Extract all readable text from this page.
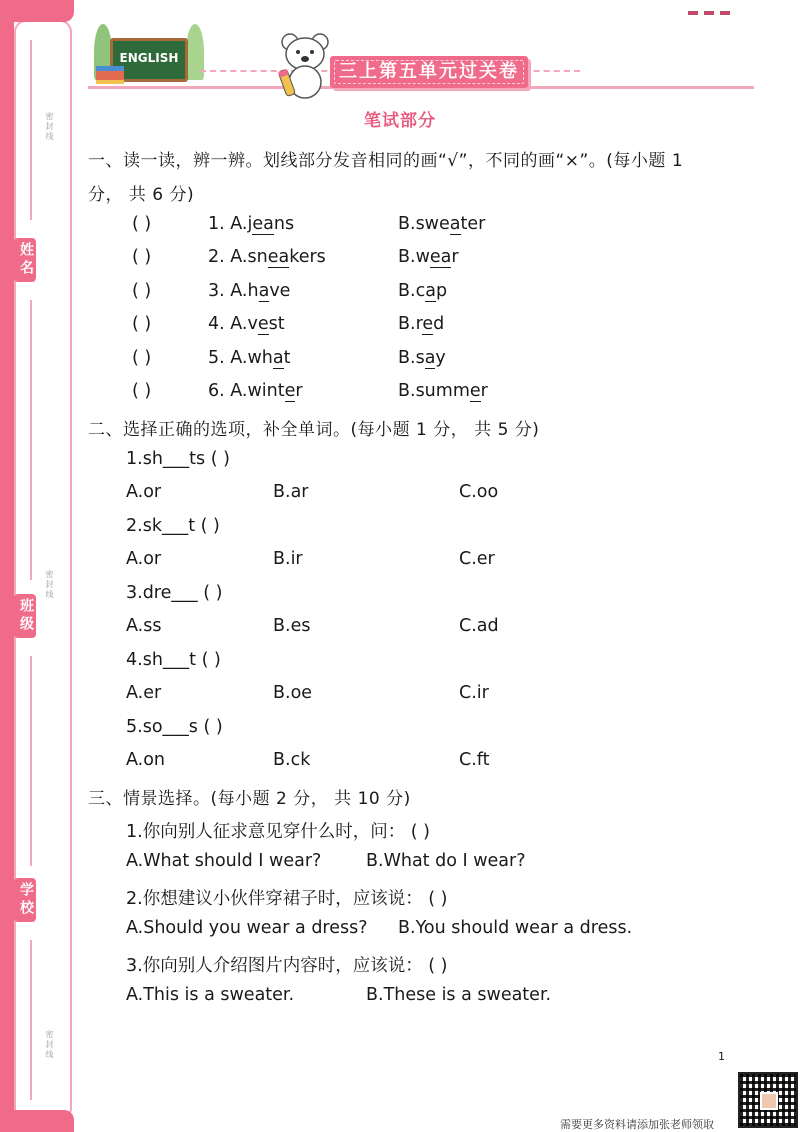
姓名
班级
学校
密封线
密封线
密封线
ENGLISH
三上第五单元过关卷
笔试部分
一、读一读，辨一辨。划线部分发音相同的画“√”，不同的画“×”。(每小题 1
分， 共 6 分)
( )	1. A.jeans	B.sweater
( )	2. A.sneakers	B.wear
( )	3. A.have	B.cap
( )	4. A.vest	B.red
( )	5. A.what	B.say
( )	6. A.winter	B.summer
二、选择正确的选项，补全单词。(每小题 1 分， 共 5 分)
1.sh___ts ( )
A.or	B.ar	C.oo
2.sk___t ( )
A.or	B.ir	C.er
3.dre___ ( )
A.ss	B.es	C.ad
4.sh___t ( )
A.er	B.oe	C.ir
5.so___s ( )
A.on	B.ck	C.ft
三、情景选择。(每小题 2 分， 共 10 分)
1.你向别人征求意见穿什么时，问： ( )
A.What should I wear?	B.What do I wear?
2.你想建议小伙伴穿裙子时，应该说： ( )
A.Should you wear a dress? B.You should wear a dress.
3.你向别人介绍图片内容时，应该说： ( )
A.This is a sweater.	B.These is a sweater.
1
需要更多资料请添加张老师领取
